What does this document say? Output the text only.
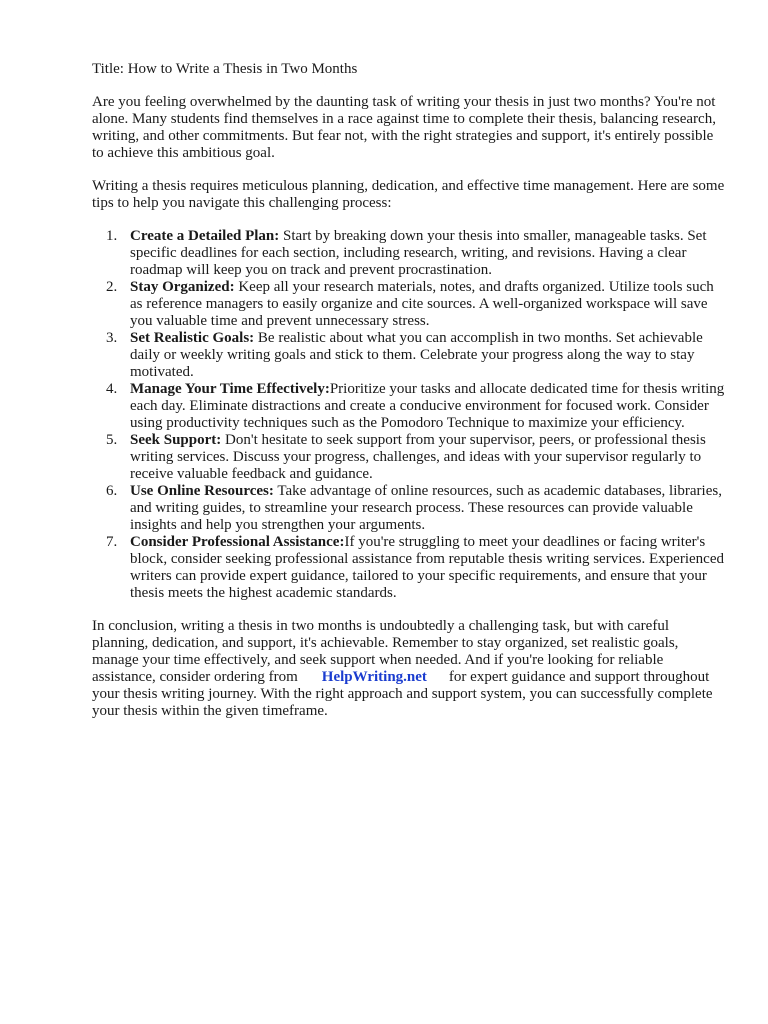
Title: How to Write a Thesis in Two Months

Are you feeling overwhelmed by the daunting task of writing your thesis in just two months? You're not alone. Many students find themselves in a race against time to complete their thesis, balancing research, writing, and other commitments. But fear not, with the right strategies and support, it's entirely possible to achieve this ambitious goal.

Writing a thesis requires meticulous planning, dedication, and effective time management. Here are some tips to help you navigate this challenging process:

1. Create a Detailed Plan: Start by breaking down your thesis into smaller, manageable tasks. Set specific deadlines for each section, including research, writing, and revisions. Having a clear roadmap will keep you on track and prevent procrastination.
2. Stay Organized: Keep all your research materials, notes, and drafts organized. Utilize tools such as reference managers to easily organize and cite sources. A well-organized workspace will save you valuable time and prevent unnecessary stress.
3. Set Realistic Goals: Be realistic about what you can accomplish in two months. Set achievable daily or weekly writing goals and stick to them. Celebrate your progress along the way to stay motivated.
4. Manage Your Time Effectively:Prioritize your tasks and allocate dedicated time for thesis writing each day. Eliminate distractions and create a conducive environment for focused work. Consider using productivity techniques such as the Pomodoro Technique to maximize your efficiency.
5. Seek Support: Don't hesitate to seek support from your supervisor, peers, or professional thesis writing services. Discuss your progress, challenges, and ideas with your supervisor regularly to receive valuable feedback and guidance.
6. Use Online Resources: Take advantage of online resources, such as academic databases, libraries, and writing guides, to streamline your research process. These resources can provide valuable insights and help you strengthen your arguments.
7. Consider Professional Assistance:If you're struggling to meet your deadlines or facing writer's block, consider seeking professional assistance from reputable thesis writing services. Experienced writers can provide expert guidance, tailored to your specific requirements, and ensure that your thesis meets the highest academic standards.

In conclusion, writing a thesis in two months is undoubtedly a challenging task, but with careful planning, dedication, and support, it's achievable. Remember to stay organized, set realistic goals, manage your time effectively, and seek support when needed. And if you're looking for reliable assistance, consider ordering from HelpWriting.net for expert guidance and support throughout your thesis writing journey. With the right approach and support system, you can successfully complete your thesis within the given timeframe.
